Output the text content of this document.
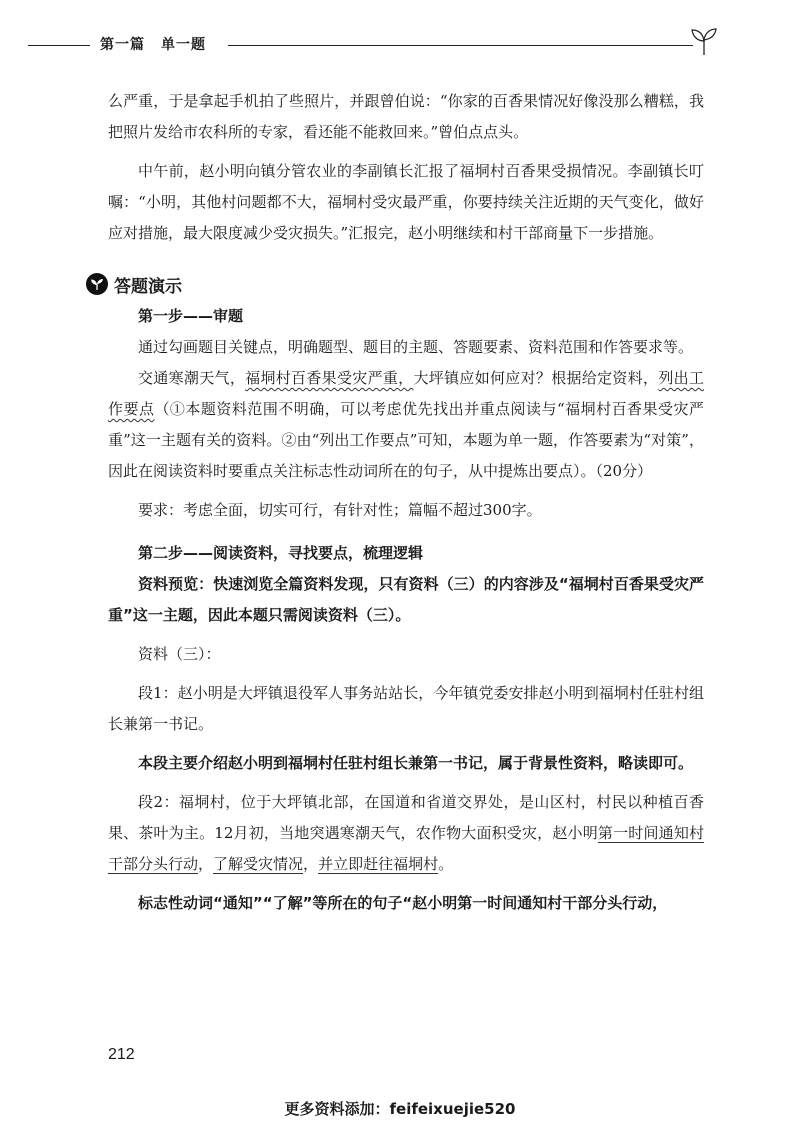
第一篇 单一题

么严重，于是拿起手机拍了些照片，并跟曾伯说：“你家的百香果情况好像没那么糟糕，我把照片发给市农科所的专家，看还能不能救回来。”曾伯点点头。

中午前，赵小明向镇分管农业的李副镇长汇报了福垌村百香果受损情况。李副镇长叮嘱：“小明，其他村问题都不大，福垌村受灾最严重，你要持续关注近期的天气变化，做好应对措施，最大限度减少受灾损失。”汇报完，赵小明继续和村干部商量下一步措施。

答题演示

第一步——审题

通过勾画题目关键点，明确题型、题目的主题、答题要素、资料范围和作答要求等。

交通寒潮天气，福垌村百香果受灾严重，大坪镇应如何应对？根据给定资料，列出工作要点（①本题资料范围不明确，可以考虑优先找出并重点阅读与“福垌村百香果受灾严重”这一主题有关的资料。②由“列出工作要点”可知，本题为单一题，作答要素为“对策”，因此在阅读资料时要重点关注标志性动词所在的句子，从中提炼出要点）。（20分）

要求：考虑全面，切实可行，有针对性；篇幅不超过300字。

第二步——阅读资料，寻找要点，梳理逻辑

资料预览：快速浏览全篇资料发现，只有资料（三）的内容涉及“福垌村百香果受灾严重”这一主题，因此本题只需阅读资料（三）。

资料（三）：

段1：赵小明是大坪镇退役军人事务站站长，今年镇党委安排赵小明到福垌村任驻村组长兼第一书记。

本段主要介绍赵小明到福垌村任驻村组长兼第一书记，属于背景性资料，略读即可。

段2：福垌村，位于大坪镇北部，在国道和省道交界处，是山区村，村民以种植百香果、茶叶为主。12月初，当地突遇寒潮天气，农作物大面积受灾，赵小明第一时间通知村干部分头行动，了解受灾情况，并立即赶往福垌村。

标志性动词“通知”“了解”等所在的句子“赵小明第一时间通知村干部分头行动，

212
更多资料添加：feifeixuejie520
